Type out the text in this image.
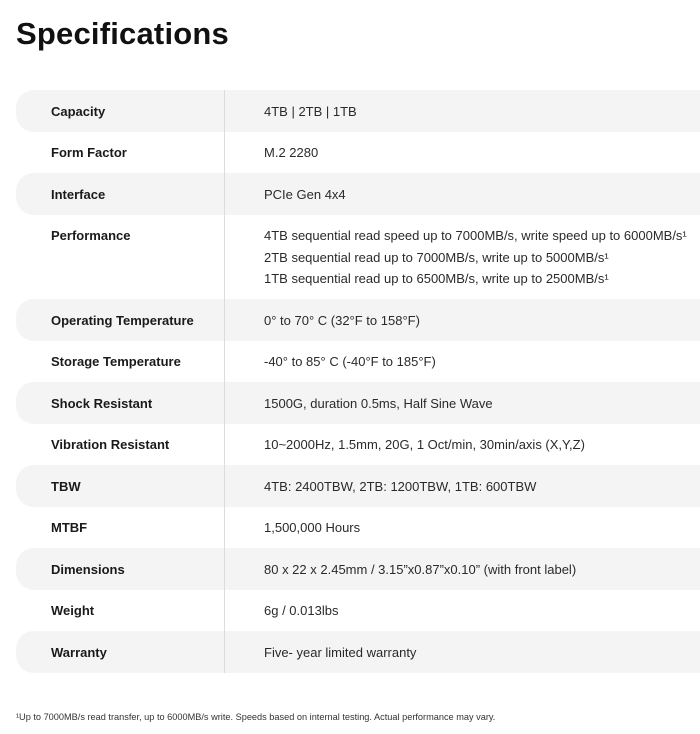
Specifications
Capacity	4TB | 2TB | 1TB
Form Factor	M.2 2280
Interface	PCIe Gen 4x4
Performance	4TB sequential read speed up to 7000MB/s, write speed up to 6000MB/s¹
2TB sequential read up to 7000MB/s, write up to 5000MB/s¹
1TB sequential read up to 6500MB/s, write up to 2500MB/s¹
Operating Temperature	0° to 70° C (32°F to 158°F)
Storage Temperature	-40° to 85° C (-40°F to 185°F)
Shock Resistant	1500G, duration 0.5ms, Half Sine Wave
Vibration Resistant	10~2000Hz, 1.5mm, 20G, 1 Oct/min, 30min/axis (X,Y,Z)
TBW	4TB: 2400TBW, 2TB: 1200TBW, 1TB: 600TBW
MTBF	1,500,000 Hours
Dimensions	80 x 22 x 2.45mm / 3.15”x0.87”x0.10” (with front label)
Weight	6g / 0.013lbs
Warranty	Five- year limited warranty
¹Up to 7000MB/s read transfer, up to 6000MB/s write. Speeds based on internal testing. Actual performance may vary.
